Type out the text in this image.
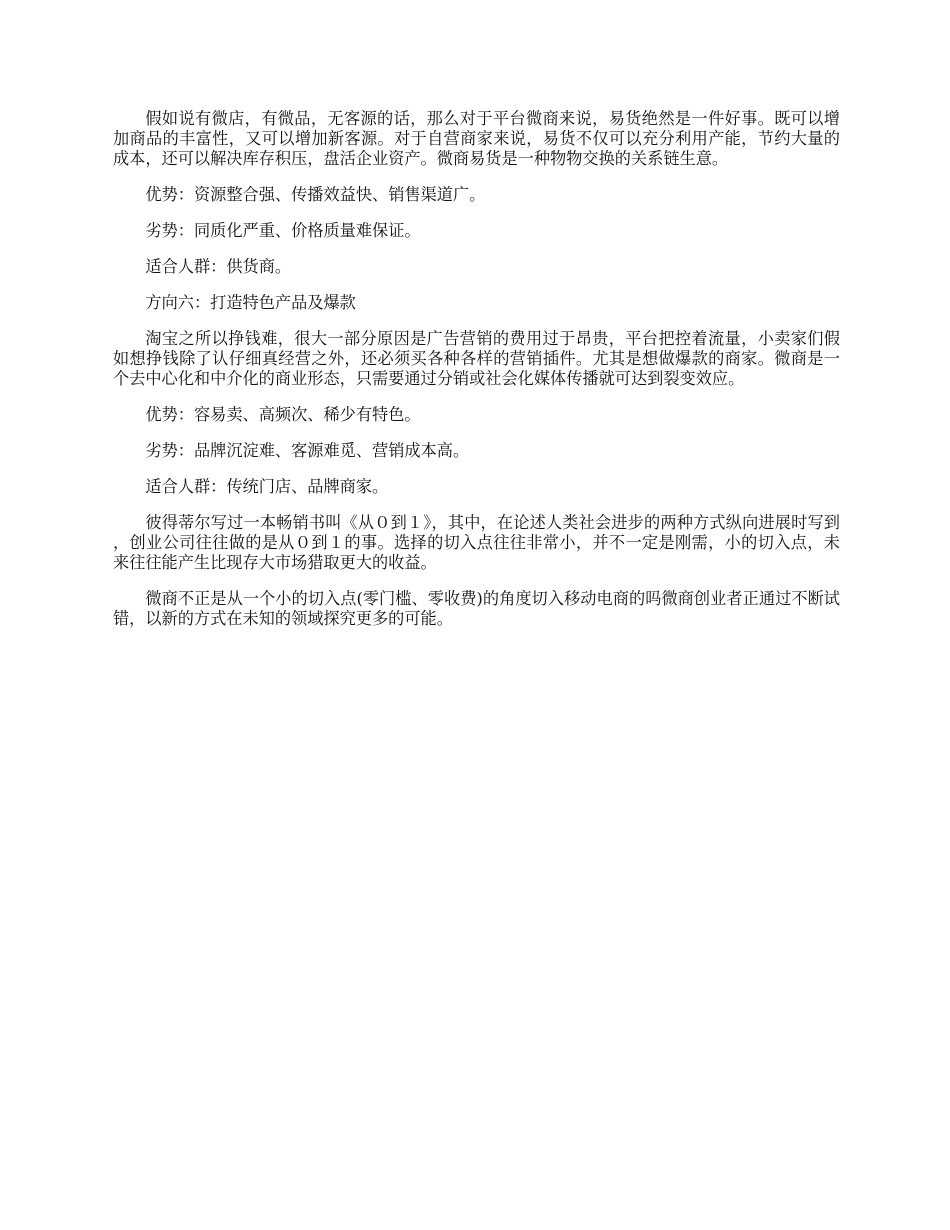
假如说有微店，有微品，无客源的话，那么对于平台微商来说，易货绝然是一件好事。既可以增加商品的丰富性，又可以增加新客源。对于自营商家来说，易货不仅可以充分利用产能，节约大量的成本，还可以解决库存积压，盘活企业资产。微商易货是一种物物交换的关系链生意。

优势：资源整合强、传播效益快、销售渠道广。

劣势：同质化严重、价格质量难保证。

适合人群：供货商。

方向六：打造特色产品及爆款

淘宝之所以挣钱难，很大一部分原因是广告营销的费用过于昂贵，平台把控着流量，小卖家们假如想挣钱除了认仔细真经营之外，还必须买各种各样的营销插件。尤其是想做爆款的商家。微商是一个去中心化和中介化的商业形态，只需要通过分销或社会化媒体传播就可达到裂变效应。

优势：容易卖、高频次、稀少有特色。

劣势：品牌沉淀难、客源难觅、营销成本高。

适合人群：传统门店、品牌商家。

彼得蒂尔写过一本畅销书叫《从０到１》，其中，在论述人类社会进步的两种方式纵向进展时写到，创业公司往往做的是从０到１的事。选择的切入点往往非常小，并不一定是刚需，小的切入点，未来往往能产生比现存大市场猎取更大的收益。

微商不正是从一个小的切入点(零门槛、零收费)的角度切入移动电商的吗微商创业者正通过不断试错，以新的方式在未知的领域探究更多的可能。
